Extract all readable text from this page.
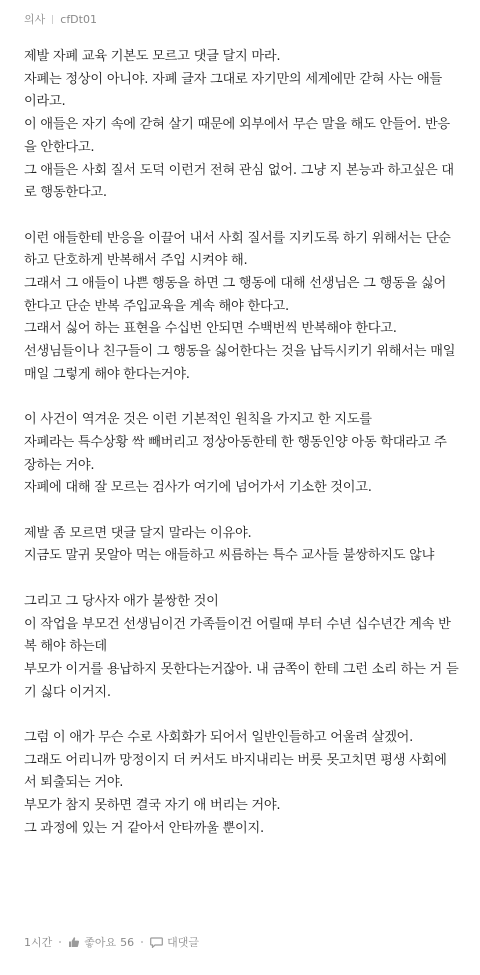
의사 cfDt01
제발 자폐 교육 기본도 모르고 댓글 달지 마라.
자폐는 정상이 아니야. 자폐 글자 그대로 자기만의 세계에만 갇혀 사는 애들
이라고.
이 애들은 자기 속에 갇혀 살기 때문에 외부에서 무슨 말을 해도 안들어. 반응
을 안한다고.
그 애들은 사회 질서 도덕 이런거 전혀 관심 없어. 그냥 지 본능과 하고싶은 대
로 행동한다고.
이런 애들한테 반응을 이끌어 내서 사회 질서를 지키도록 하기 위해서는 단순
하고 단호하게 반복해서 주입 시켜야 해.
그래서 그 애들이 나쁜 행동을 하면 그 행동에 대해 선생님은 그 행동을 싫어
한다고 단순 반복 주입교육을 계속 해야 한다고.
그래서 싫어 하는 표현을 수십번 안되면 수백번씩 반복해야 한다고.
선생님들이나 친구들이 그 행동을 싫어한다는 것을 납득시키기 위해서는 매일
매일 그렇게 해야 한다는거야.
이 사건이 역겨운 것은 이런 기본적인 원칙을 가지고 한 지도를
자폐라는 특수상황 싹 빼버리고 정상아동한테 한 행동인양 아동 학대라고 주
장하는 거야.
자폐에 대해 잘 모르는 검사가 여기에 넘어가서 기소한 것이고.
제발 좀 모르면 댓글 달지 말라는 이유야.
지금도 말귀 못알아 먹는 애들하고 씨름하는 특수 교사들 불쌍하지도 않냐
그리고 그 당사자 애가 불쌍한 것이
이 작업을 부모건 선생님이건 가족들이건 어릴때 부터 수년 십수년간 계속 반
복 해야 하는데
부모가 이거를 용납하지 못한다는거잖아. 내 금쪽이 한테 그런 소리 하는 거 듣
기 싫다 이거지.
그럼 이 애가 무슨 수로 사회화가 되어서 일반인들하고 어울려 살겠어.
그래도 어리니까 망정이지 더 커서도 바지내리는 버릇 못고치면 평생 사회에
서 퇴출되는 거야.
부모가 참지 못하면 결국 자기 애 버리는 거야.
그 과정에 있는 거 같아서 안타까울 뿐이지.
1시간	좋아요 56	대댓글
